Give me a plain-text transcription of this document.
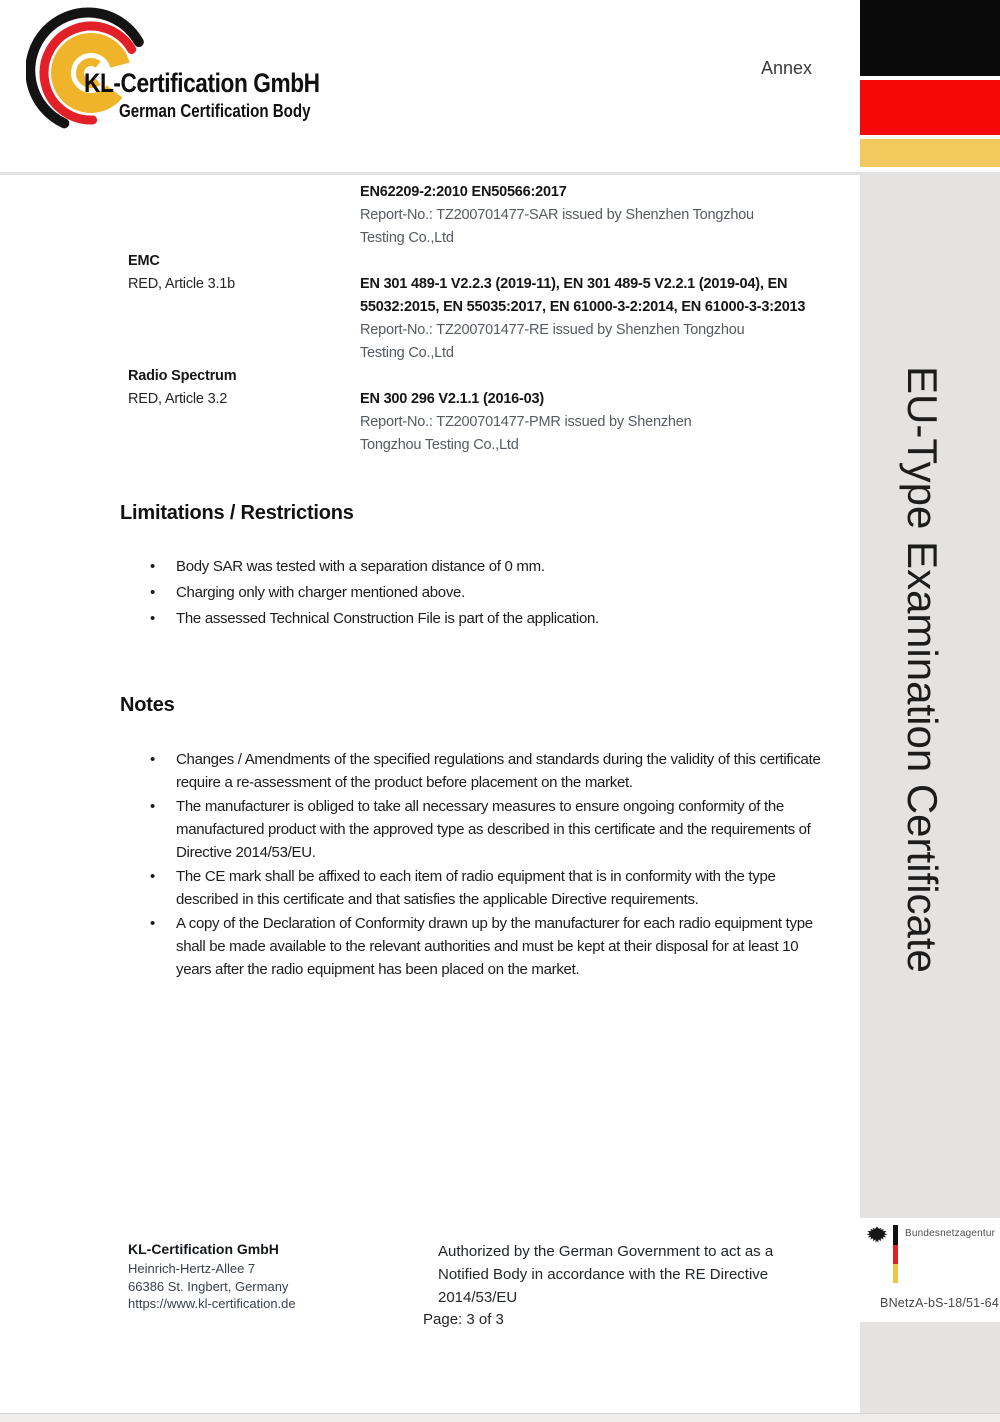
KL-Certification GmbH
German Certification Body
Annex
EN62209-2:2010 EN50566:2017
Report-No.: TZ200701477-SAR issued by Shenzhen Tongzhou
Testing Co.,Ltd
EMC
RED, Article 3.1b	EN 301 489-1 V2.2.3 (2019-11), EN 301 489-5 V2.2.1 (2019-04), EN 55032:2015, EN 55035:2017, EN 61000-3-2:2014, EN 61000-3-3:2013
Report-No.: TZ200701477-RE issued by Shenzhen Tongzhou
Testing Co.,Ltd
Radio Spectrum
RED, Article 3.2	EN 300 296 V2.1.1 (2016-03)
Report-No.: TZ200701477-PMR issued by Shenzhen
Tongzhou Testing Co.,Ltd
Limitations / Restrictions
•
Body SAR was tested with a separation distance of 0 mm.
•
Charging only with charger mentioned above.
•
The assessed Technical Construction File is part of the application.
Notes
•
Changes / Amendments of the specified regulations and standards during the validity of this certificate require a re-assessment of the product before placement on the market.
•
The manufacturer is obliged to take all necessary measures to ensure ongoing conformity of the manufactured product with the approved type as described in this certificate and the requirements of Directive 2014/53/EU.
•
The CE mark shall be affixed to each item of radio equipment that is in conformity with the type described in this certificate and that satisfies the applicable Directive requirements.
•
A copy of the Declaration of Conformity drawn up by the manufacturer for each radio equipment type shall be made available to the relevant authorities and must be kept at their disposal for at least 10 years after the radio equipment has been placed on the market.
KL-Certification GmbH
Heinrich-Hertz-Allee 7
66386 St. Ingbert, Germany
https://www.kl-certification.de
Authorized by the German Government to act as a
Notified Body in accordance with the RE Directive
2014/53/EU
Page: 3 of 3
EU-Type Examination Certificate
Bundesnetzagentur
BNetzA-bS-18/51-64
